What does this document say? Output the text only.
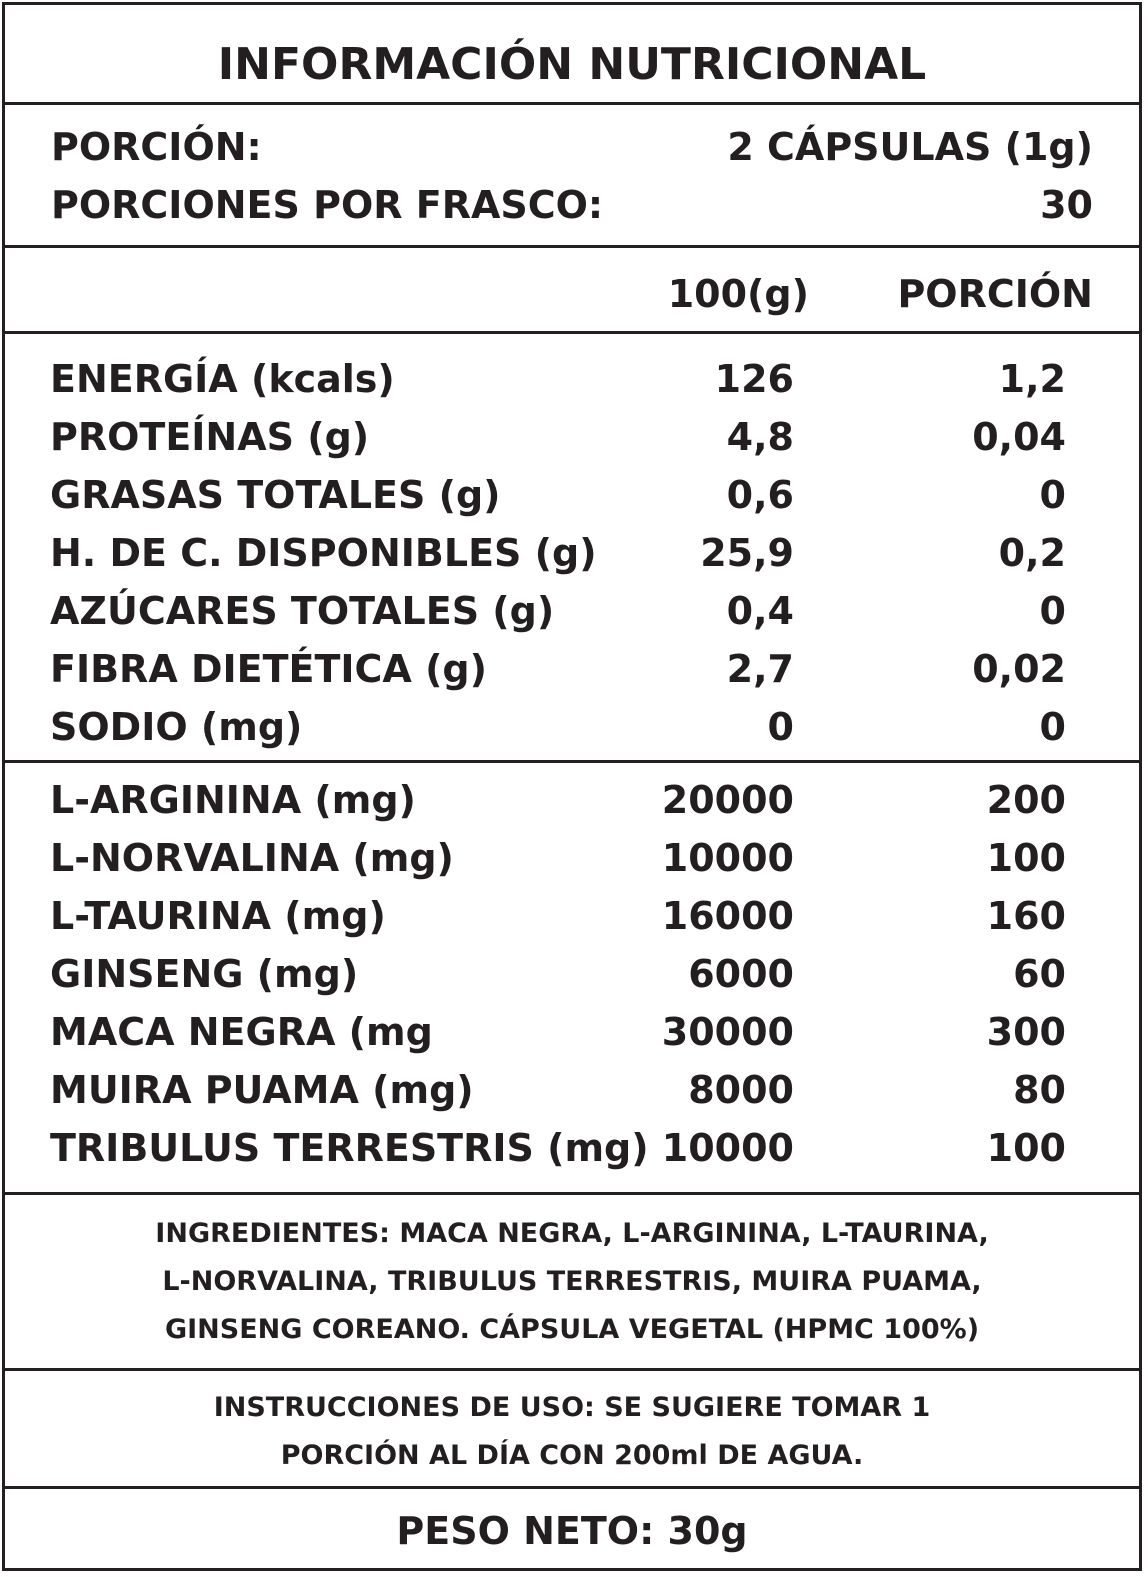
INFORMACIÓN NUTRICIONAL
PORCIÓN:	2 CÁPSULAS (1g)
PORCIONES POR FRASCO:	30
100(g) PORCIÓN
ENERGÍA (kcals)	126	1,2
PROTEÍNAS (g)	4,8	0,04
GRASAS TOTALES (g)	0,6	0
H. DE C. DISPONIBLES (g)	25,9	0,2
AZÚCARES TOTALES (g)	0,4	0
FIBRA DIETÉTICA (g)	2,7	0,02
SODIO (mg)	0	0
L-ARGININA (mg)	20000	200
L-NORVALINA (mg)	10000	100
L-TAURINA (mg)	16000	160
GINSENG (mg)	6000	60
MACA NEGRA (mg	30000	300
MUIRA PUAMA (mg)	8000	80
TRIBULUS TERRESTRIS (mg) 10000	100

INGREDIENTES: MACA NEGRA, L-ARGININA, L-TAURINA,

L-NORVALINA, TRIBULUS TERRESTRIS, MUIRA PUAMA,

GINSENG COREANO. CÁPSULA VEGETAL (HPMC 100%)

INSTRUCCIONES DE USO: SE SUGIERE TOMAR 1

PORCIÓN AL DÍA CON 200ml DE AGUA.

PESO NETO: 30g
